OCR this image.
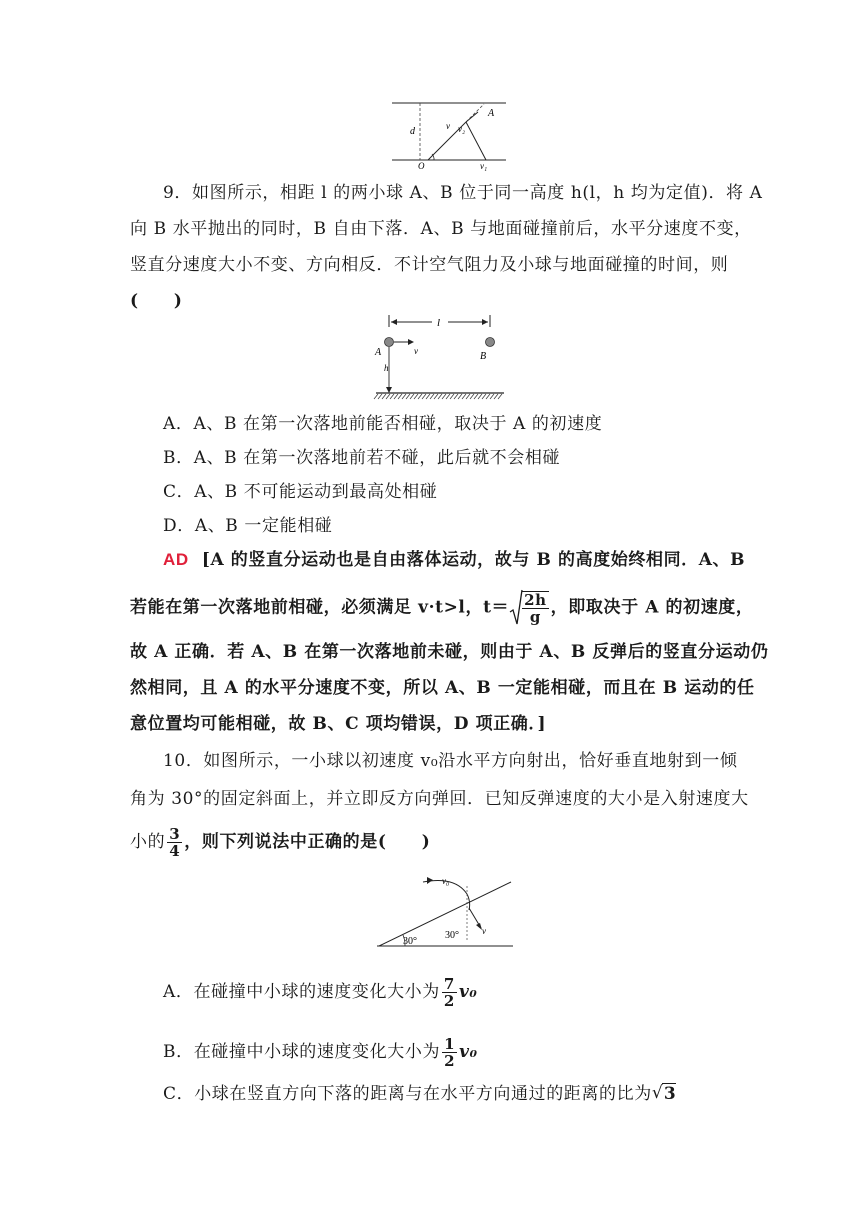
d
A
v v₂
O	v₁
9．如图所示，相距 l 的两小球 A、B 位于同一高度 h(l，h 均为定值)．将 A
向 B 水平抛出的同时，B 自由下落．A、B 与地面碰撞前后，水平分速度不变，
竖直分速度大小不变、方向相反．不计空气阻力及小球与地面碰撞的时间，则
(　　)
l
A	v	B
h
A．A、B 在第一次落地前能否相碰，取决于 A 的初速度
B．A、B 在第一次落地前若不碰，此后就不会相碰
C．A、B 不可能运动到最高处相碰
D．A、B 一定能相碰
AD [A 的竖直分运动也是自由落体运动，故与 B 的高度始终相同．A、B
若能在第一次落地前相碰，必须满足 v·t>l，$t= \frac{2h}{g}$ ，即取决于 A 的初速度，
故 A 正确．若 A、B 在第一次落地前未碰，则由于 A、B 反弹后的竖直分运动仍
然相同，且 A 的水平分速度不变，所以 A、B 一定能相碰，而且在 B 运动的任
意位置均可能相碰，故 B、C 项均错误，D 项正确．]
10．如图所示，一小球以初速度 v₀沿水平方向射出，恰好垂直地射到一倾
角为 30°的固定斜面上，并立即反方向弹回．已知反弹速度的大小是入射速度大
小的 $\frac{3}{4}$ ，则下列说法中正确的是(　　)
30°
v₀
v
30°
A．在碰撞中小球的速度变化大小为 $\frac{7}{2} v_0$
B．在碰撞中小球的速度变化大小为 $\frac{1}{2} v_0$
C．小球在竖直方向下落的距离与在水平方向通过的距离的比为 √ 3
